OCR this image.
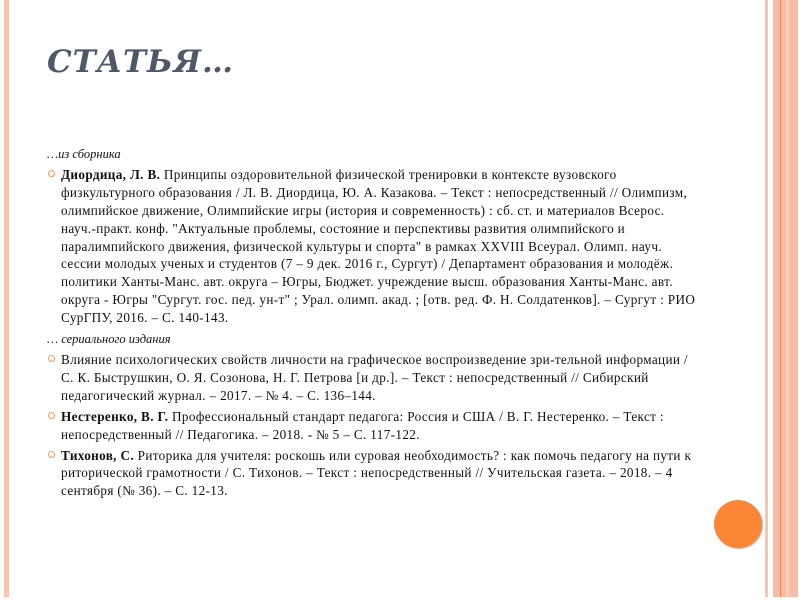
СТАТЬЯ…
…из сборника
Диордица, Л. В. Принципы оздоровительной физической тренировки в контексте вузовского физкультурного образования / Л. В. Диордица, Ю. А. Казакова. – Текст : непосредственный // Олимпизм, олимпийское движение, Олимпийские игры (история и современность) : сб. ст. и материалов Всерос. науч.-практ. конф. "Актуальные проблемы, состояние и перспективы развития олимпийского и паралимпийского движения, физической культуры и спорта" в рамках XXVIII Всеурал. Олимп. науч. сессии молодых ученых и студентов (7 – 9 дек. 2016 г., Сургут) / Департамент образования и молодёж. политики Ханты-Манс. авт. округа – Югры, Бюджет. учреждение высш. образования Ханты-Манс. авт. округа - Югры "Сургут. гос. пед. ун-т" ; Урал. олимп. акад. ; [отв. ред. Ф. Н. Солдатенков]. – Сургут : РИО СурГПУ, 2016. – С. 140-143.
… сериального издания
Влияние психологических свойств личности на графическое воспроизведение зри-тельной информации / С. К. Быструшкин, О. Я. Созонова, Н. Г. Петрова [и др.]. – Текст : непосредственный // Сибирский педагогический журнал. – 2017. – № 4. – С. 136–144.
Нестеренко, В. Г. Профессиональный стандарт педагога: Россия и США / В. Г. Нестеренко. – Текст : непосредственный // Педагогика. – 2018. - № 5 – С. 117-122.
Тихонов, С. Риторика для учителя: роскошь или суровая необходимость? : как помочь педагогу на пути к риторической грамотности / С. Тихонов. – Текст : непосредственный // Учительская газета. – 2018. – 4 сентября (№ 36). – С. 12-13.
